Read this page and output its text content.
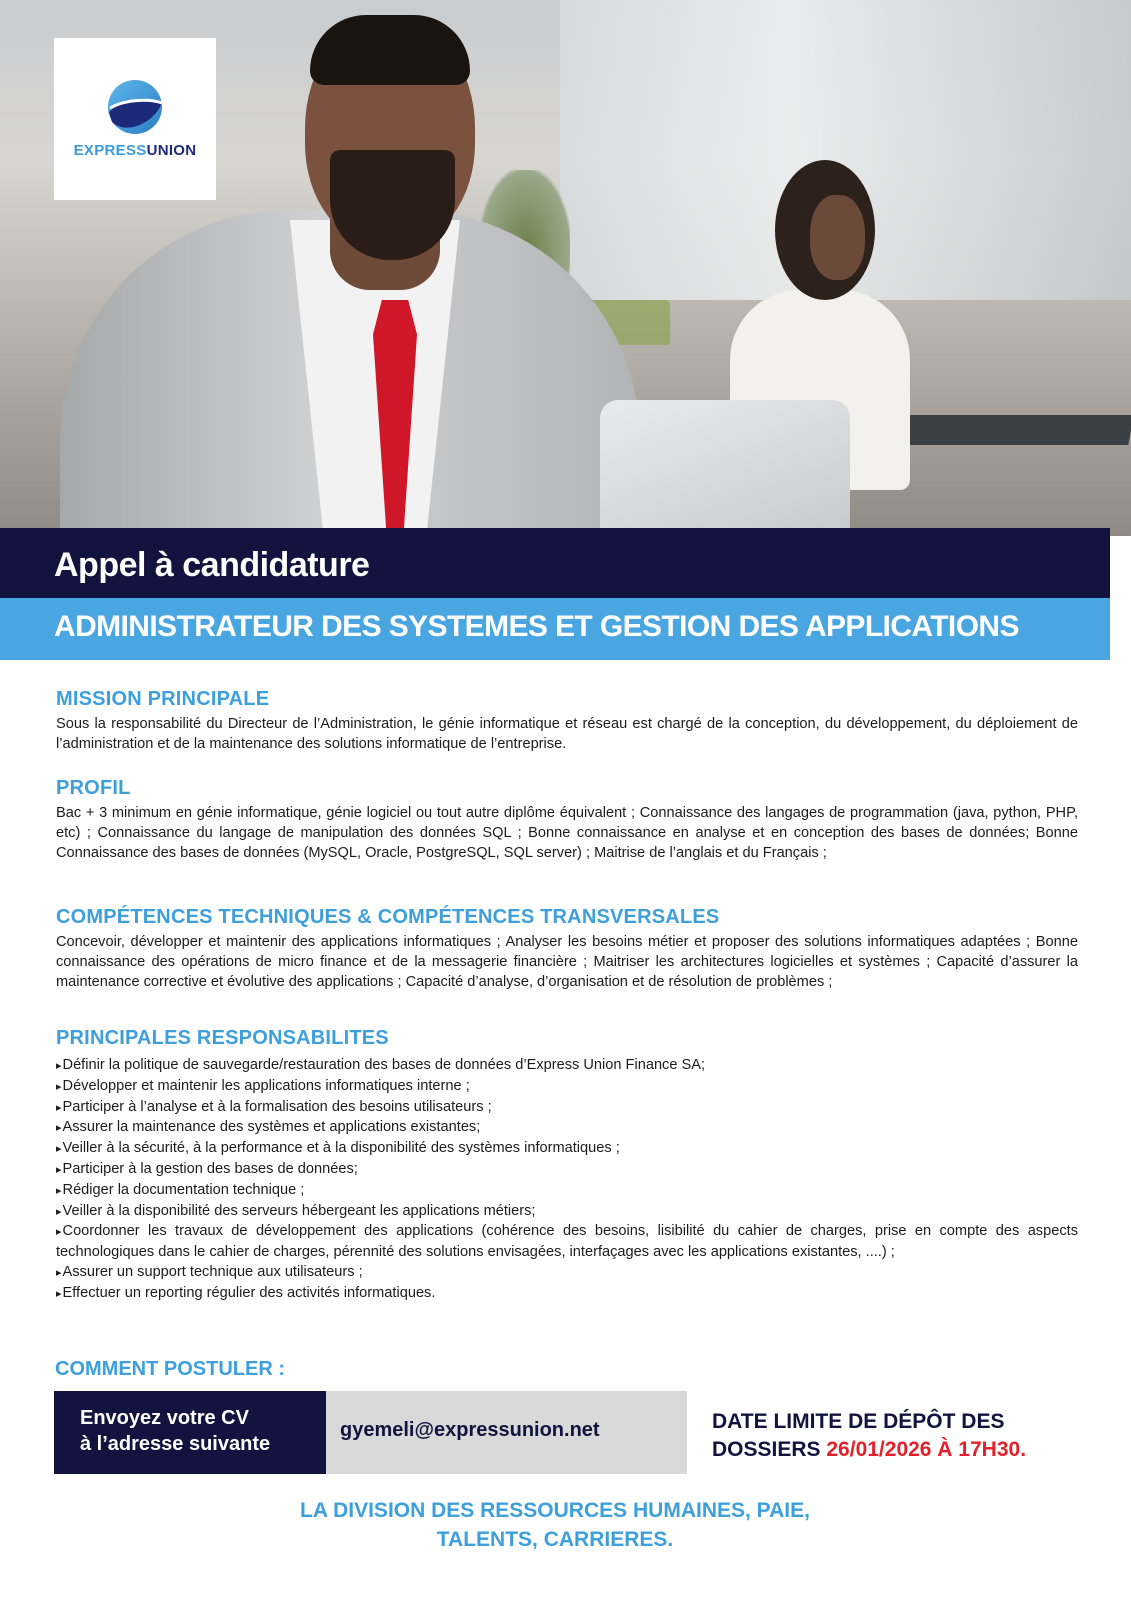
EXPRESSUNION
Appel à candidature
ADMINISTRATEUR DES SYSTEMES ET GESTION DES APPLICATIONS
MISSION PRINCIPALE

Sous la responsabilité du Directeur de l’Administration, le génie informatique et réseau est chargé de la conception, du développement, du déploiement de l’administration et de la maintenance des solutions informatique de l’entreprise.

PROFIL

Bac + 3 minimum en génie informatique, génie logiciel ou tout autre diplôme équivalent ; Connaissance des langages de programmation (java, python, PHP, etc) ; Connaissance du langage de manipulation des données SQL ; Bonne connaissance en analyse et en conception des bases de données; Bonne Connaissance des bases de données (MySQL, Oracle, PostgreSQL, SQL server) ; Maitrise de l’anglais et du Français ;

COMPÉTENCES TECHNIQUES & COMPÉTENCES TRANSVERSALES

Concevoir, développer et maintenir des applications informatiques ; Analyser les besoins métier et proposer des solutions informatiques adaptées ; Bonne connaissance des opérations de micro finance et de la messagerie financière ; Maitriser les architectures logicielles et systèmes ; Capacité d’assurer la maintenance corrective et évolutive des applications ; Capacité d’analyse, d’organisation et de résolution de problèmes ;

PRINCIPALES RESPONSABILITES
▸ Définir la politique de sauvegarde/restauration des bases de données d’Express Union Finance SA;
▸ Développer et maintenir les applications informatiques interne ;
▸ Participer à l’analyse et à la formalisation des besoins utilisateurs ;
▸ Assurer la maintenance des systèmes et applications existantes;
▸ Veiller à la sécurité, à la performance et à la disponibilité des systèmes informatiques ;
▸ Participer à la gestion des bases de données;
▸ Rédiger la documentation technique ;
▸ Veiller à la disponibilité des serveurs hébergeant les applications métiers;
▸ Coordonner les travaux de développement des applications (cohérence des besoins, lisibilité du cahier de charges, prise en compte des aspects technologiques dans le cahier de charges, pérennité des solutions envisagées, interfaçages avec les applications existantes, ....) ;
▸ Assurer un support technique aux utilisateurs ;
▸ Effectuer un reporting régulier des activités informatiques.
COMMENT POSTULER :
Envoyez votre CV
à l’adresse suivante
gyemeli@expressunion.net	DATE LIMITE DE DÉPÔT DES
DOSSIERS 26/01/2026 À 17H30.
LA DIVISION DES RESSOURCES HUMAINES, PAIE,
TALENTS, CARRIERES.
